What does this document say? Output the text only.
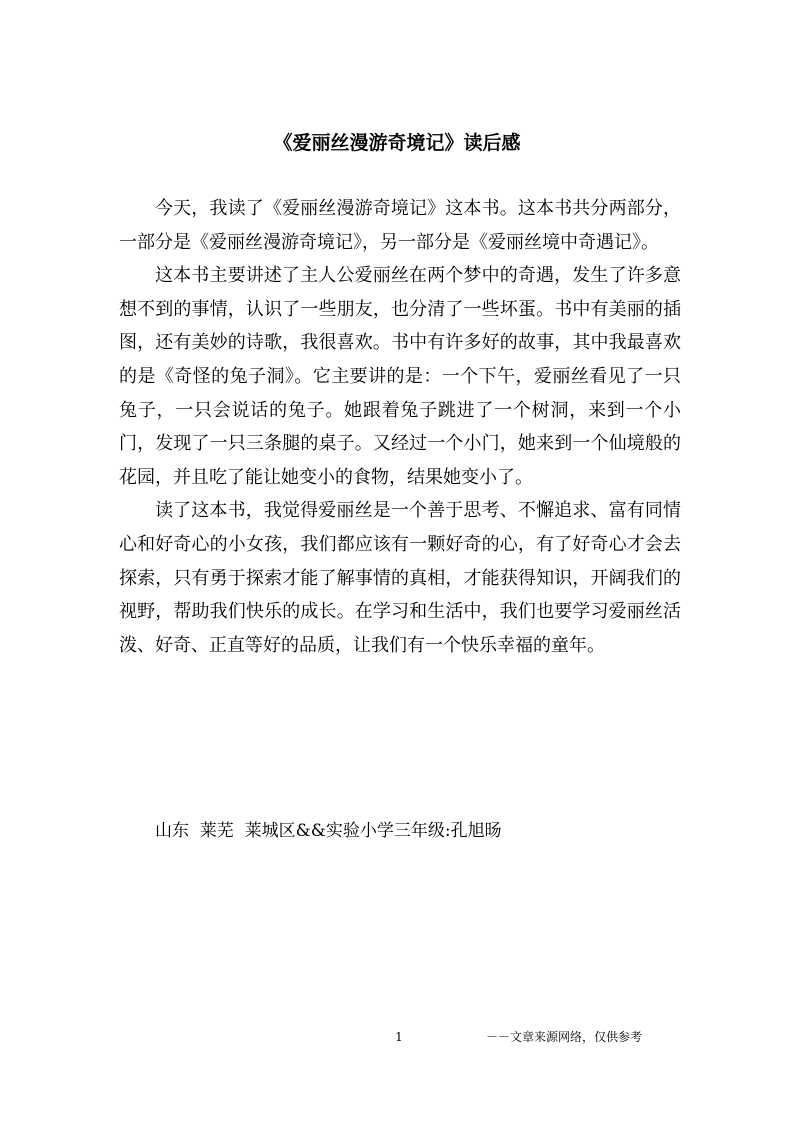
《爱丽丝漫游奇境记》读后感

今天，我读了《爱丽丝漫游奇境记》这本书。这本书共分两部分，一部分是《爱丽丝漫游奇境记》，另一部分是《爱丽丝境中奇遇记》。

这本书主要讲述了主人公爱丽丝在两个梦中的奇遇，发生了许多意想不到的事情，认识了一些朋友，也分清了一些坏蛋。书中有美丽的插图，还有美妙的诗歌，我很喜欢。书中有许多好的故事，其中我最喜欢的是《奇怪的兔子洞》。它主要讲的是：一个下午，爱丽丝看见了一只兔子，一只会说话的兔子。她跟着兔子跳进了一个树洞，来到一个小门，发现了一只三条腿的桌子。又经过一个小门，她来到一个仙境般的花园，并且吃了能让她变小的食物，结果她变小了。

读了这本书，我觉得爱丽丝是一个善于思考、不懈追求、富有同情心和好奇心的小女孩，我们都应该有一颗好奇的心，有了好奇心才会去探索，只有勇于探索才能了解事情的真相，才能获得知识，开阔我们的视野，帮助我们快乐的成长。在学习和生活中，我们也要学习爱丽丝活泼、好奇、正直等好的品质，让我们有一个快乐幸福的童年。

山东  莱芜  莱城区&&实验小学三年级:孔旭旸

1	－－文章来源网络，仅供参考
